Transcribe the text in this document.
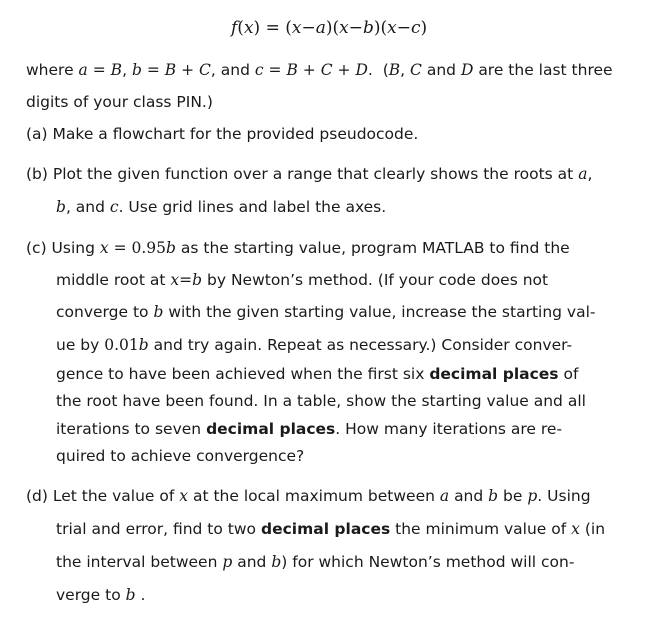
f(x) = (x−a)(x−b)(x−c)
where a = B, b = B + C, and c = B + C + D. (B, C and D are the last three
digits of your class PIN.)
(a) Make a flowchart for the provided pseudocode.
(b) Plot the given function over a range that clearly shows the roots at a,
b, and c. Use grid lines and label the axes.
(c) Using x = 0.95b as the starting value, program MATLAB to find the
middle root at x=b by Newton’s method. (If your code does not
converge to b with the given starting value, increase the starting val-
ue by 0.01b and try again. Repeat as necessary.) Consider conver-
gence to have been achieved when the first six decimal places of
the root have been found. In a table, show the starting value and all
iterations to seven decimal places. How many iterations are re-
quired to achieve convergence?
(d) Let the value of x at the local maximum between a and b be p. Using
trial and error, find to two decimal places the minimum value of x (in
the interval between p and b) for which Newton’s method will con-
verge to b .
